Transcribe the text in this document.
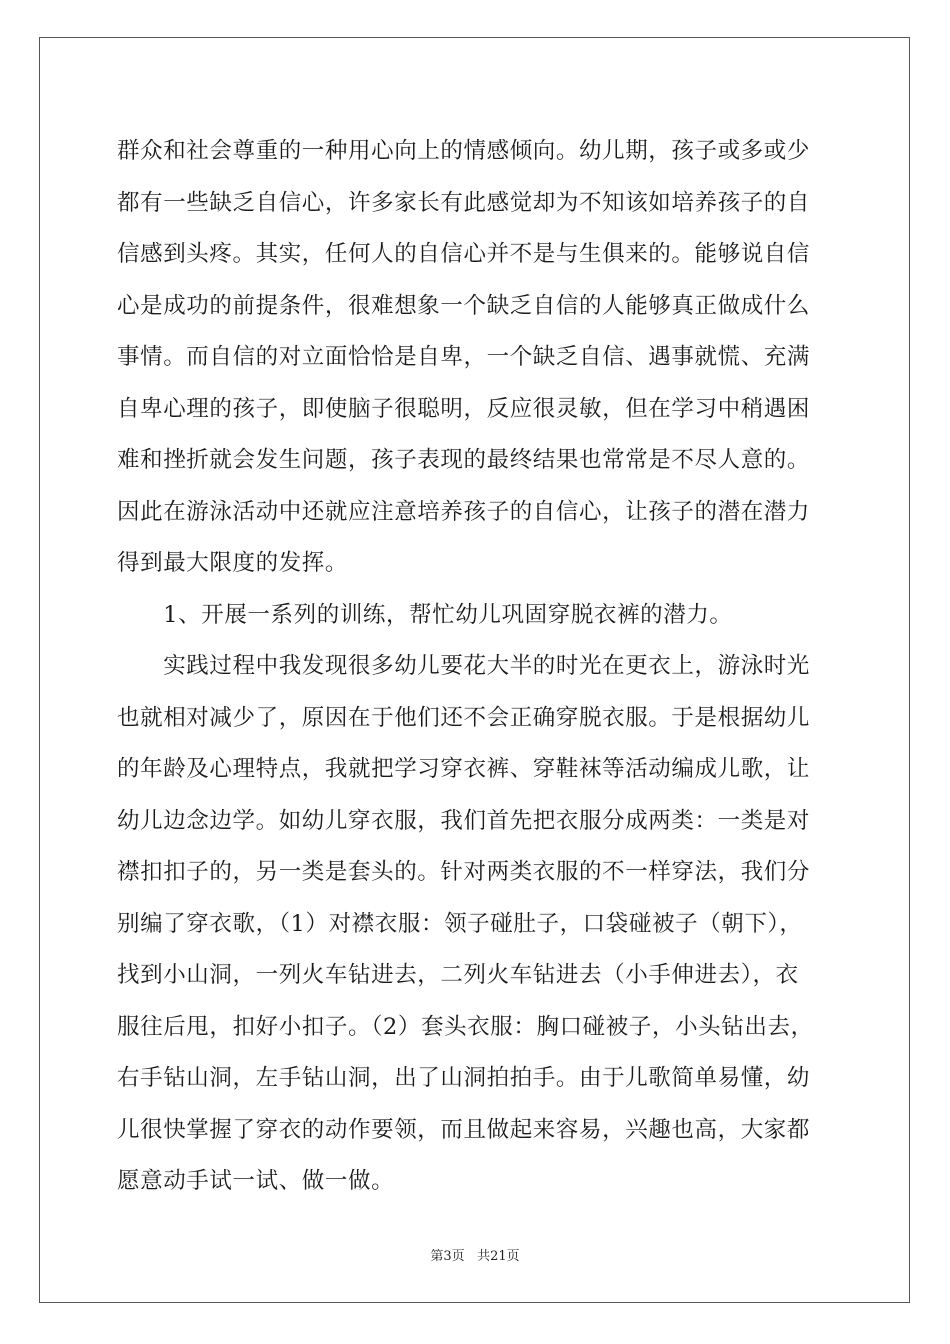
群众和社会尊重的一种用心向上的情感倾向。幼儿期，孩子或多或少
都有一些缺乏自信心，许多家长有此感觉却为不知该如培养孩子的自
信感到头疼。其实，任何人的自信心并不是与生俱来的。能够说自信
心是成功的前提条件，很难想象一个缺乏自信的人能够真正做成什么
事情。而自信的对立面恰恰是自卑，一个缺乏自信、遇事就慌、充满
自卑心理的孩子，即使脑子很聪明，反应很灵敏，但在学习中稍遇困
难和挫折就会发生问题，孩子表现的最终结果也常常是不尽人意的。
因此在游泳活动中还就应注意培养孩子的自信心，让孩子的潜在潜力
得到最大限度的发挥。
　　1、开展一系列的训练，帮忙幼儿巩固穿脱衣裤的潜力。
　　实践过程中我发现很多幼儿要花大半的时光在更衣上，游泳时光
也就相对减少了，原因在于他们还不会正确穿脱衣服。于是根据幼儿
的年龄及心理特点，我就把学习穿衣裤、穿鞋袜等活动编成儿歌，让
幼儿边念边学。如幼儿穿衣服，我们首先把衣服分成两类：一类是对
襟扣扣子的，另一类是套头的。针对两类衣服的不一样穿法，我们分
别编了穿衣歌，（1）对襟衣服：领子碰肚子，口袋碰被子（朝下），
找到小山洞，一列火车钻进去，二列火车钻进去（小手伸进去），衣
服往后甩，扣好小扣子。（2）套头衣服：胸口碰被子，小头钻出去，
右手钻山洞，左手钻山洞，出了山洞拍拍手。由于儿歌简单易懂，幼
儿很快掌握了穿衣的动作要领，而且做起来容易，兴趣也高，大家都
愿意动手试一试、做一做。
第3页 共21页
